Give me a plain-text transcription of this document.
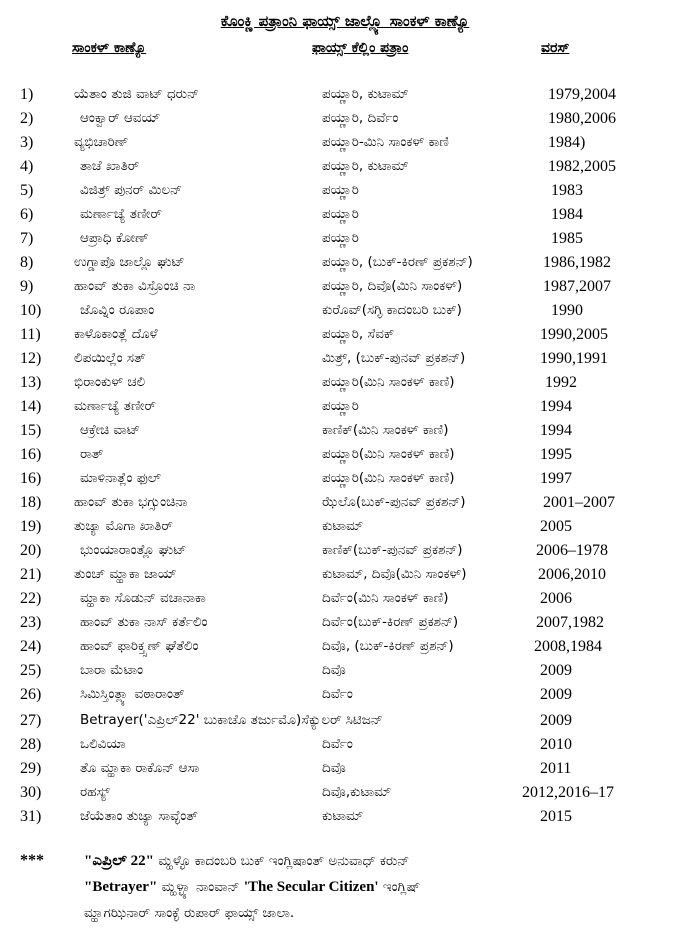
ಕೊಂಕ್ಣಿ ಪತ್ರಾಂನಿ ಫಾಯ್ಸ್ ಜಾಲ್ಲ್ಯೊ ಸಾಂಕಳ್ ಕಾಣ್ಯೊ
ಸಾಂಕಳ್ ಕಾಣ್ಯೊ	ಫಾಯ್ಸ್ ಕೆಲ್ಲಿಂ ಪತ್ರಾಂ	ವರಸ್
1)	ಯೆತಾಂ ತುಜಿ ವಾಟ್ ಧರುನ್	ಪಯ್ಣಾರಿ, ಕುಟಾಮ್	1979,2004
2)	ಆಂಕ್ವಾರ್ ಆವಯ್	ಪಯ್ಣಾರಿ, ದಿರ್ವೆಂ	1980,2006
3)	ವ್ಯಭಿಚಾರಿಣ್	ಪಯ್ಣಾರಿ-ಮಿನಿ ಸಾಂಕಳ್ ಕಾಣಿ	1984)
4)	ತಾಚೆ ಖಾತಿರ್	ಪಯ್ಣಾರಿ, ಕುಟಾಮ್	1982,2005
5)	ವಿಜಿತ್ರ್ ಪುನರ್ ಮಿಲನ್	ಪಯ್ಣಾರಿ	1983
6)	ಮರ್ಣಾಚ್ಯೆ ತಣೀರ್	ಪಯ್ಣಾರಿ	1984
7)	ಆಪ್ರಾಧಿ ಕೋಣ್	ಪಯ್ಣಾರಿ	1985
8)	ಉಗ್ಡಾಪೊ ಜಾಲ್ಲೊ ಘುಟ್	ಪಯ್ಣಾರಿ, (ಬುಕ್-ಕಿರಣ್ ಪ್ರಕಶನ್)	1986,1982
9)	ಹಾಂವ್ ತುಕಾ ವಿಸ್ರೊಂಚಿ ನಾ	ಪಯ್ಣಾರಿ, ದಿವೊ(ಮಿನಿ ಸಾಂಕಳ್)	1987,2007
10)	ಜೊವ್ನಿಂ ರೂಪಾಂ	ಕುರೊವ್(ಸಗ್ಳಿ ಕಾದಂಬರಿ ಬುಕ್)	1990
11) ಕಾಳೊಕಾಂತ್ಲೆ ದೊಳೆ	ಪಯ್ಣಾರಿ, ಸೆವಕ್	1990,2005
12) ಲಿಪಯಿಲ್ಲೆಂ ಸತ್	ಮಿತ್ರ್, (ಬುಕ್-ಪುನವ್ ಪ್ರಕಶನ್)	1990,1991
13) ಭಿರಾಂಕುಳ್ ಚಲಿ	ಪಯ್ಣಾರಿ(ಮಿನಿ ಸಾಂಕಳ್ ಕಾಣಿ)	1992
14) ಮರ್ಣಾಚ್ಯೆ ತಣೀರ್	ಪಯ್ಣಾರಿ	1994
15)	ಆಕ್ರೇಚಿ ವಾಟ್	ಕಾಣಿಕ್(ಮಿನಿ ಸಾಂಕಳ್ ಕಾಣಿ)	1994
16)	ರಾತ್	ಪಯ್ಣಾರಿ(ಮಿನಿ ಸಾಂಕಳ್ ಕಾಣಿ)	1995
16)	ಮಾಳಿನಾತ್ಲೆಂ ಫುಲ್	ಪಯ್ಣಾರಿ(ಮಿನಿ ಸಾಂಕಳ್ ಕಾಣಿ)	1997
18) ಹಾಂವ್ ತುಕಾ ಭಗ್ಸುಂಚಿನಾ	ಝೆಲೊ(ಬುಕ್-ಪುನವ್ ಪ್ರಕಶನ್)	2001–2007
19) ತುಜ್ಯಾ ಮೊಗಾ ಖಾತಿರ್	ಕುಟಾಮ್	2005
20)	ಭುಂಯಾರಾಂತ್ಲೊ ಘುಟ್	ಕಾಣಿಕ್(ಬುಕ್-ಪುನವ್ ಪ್ರಕಶನ್)	2006–1978
21) ತುಂಚ್ ಮ್ಹಾಕಾ ಜಾಯ್	ಕುಟಾಮ್, ದಿವೊ(ಮಿನಿ ಸಾಂಕಳ್)	2006,2010
22)	ಮ್ಹಾಕಾ ಸೊಡುನ್ ವಚಾನಾಕಾ	ದಿರ್ವೆಂ(ಮಿನಿ ಸಾಂಕಳ್ ಕಾಣಿ)	2006
23)	ಹಾಂವ್ ತುಕಾ ನಾಸ್ ಕರ್ತೆಲಿಂ	ದಿರ್ವೆಂ(ಬುಕ್-ಕಿರಣ್ ಪ್ರಕಶನ್)	2007,1982
24)	ಹಾಂವ್ ಫಾರಿಕ್ತ್ಸಣ್ ಘೆತೆಲಿಂ	ದಿವೊ, (ಬುಕ್-ಕಿರಣ್ ಪ್ರಶನ್)	2008,1984
25)	ಬಾರಾ ಮೆಟಾಂ	ದಿವೊ	2009
26)	ಸಿಮಿಸ್ತಿಂತ್ಲ್ಯಾ ವಠಾರಾಂತ್	ದಿರ್ವೆಂ	2009
27)	Betrayer('ಎಪ್ರಿಲ್22' ಬುಕಾಚೊ ತರ್ಜುಮೊ)ಸೆಕ್ಯುಲರ್ ಸಿಟಿಜನ್	2009
28)	ಒಲಿವಿಯಾ	ದಿರ್ವೆಂ	2010
29)	ತೊ ಮ್ಹಾಕಾ ರಾಕೊನ್ ಆಸಾ	ದಿವೊ	2011
30)	ರಹಸ್ಯ್	ದಿವೊ,ಕುಟಾಮ್	2012,2016–17
31)	ಜೆಯೆತಾಂ ತುಜ್ಯಾ ಸಾವ್ಳೆಂತ್	ಕುಟಾಮ್	2015
***	"ಎಪ್ರಿಲ್ 22" ಮ್ಹಳ್ಳೊ ಕಾದಂಬರಿ ಬುಕ್ ಇಂಗ್ಲಿಷಾಂತ್ ಅನುವಾಧ್ ಕರುನ್
"Betrayer" ಮ್ಹಳ್ಳ್ಯಾ ನಾಂವಾನ್ 'The Secular Citizen' ಇಂಗ್ಲಿಷ್
ಮ್ಹಾಗಝಿನಾರ್ ಸಾಂಕ್ಳೆ ರುಪಾರ್ ಫಾಯ್ಸ್ ಜಾಲಾ.
